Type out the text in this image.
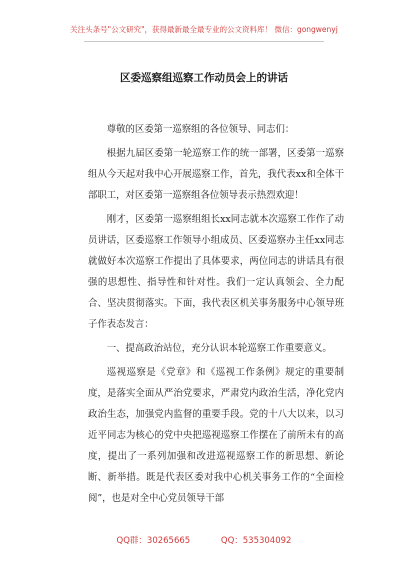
关注头条号"公文研究"，获得最新最全最专业的公文资料库！ 微信：gongwenyj
区委巡察组巡察工作动员会上的讲话

尊敬的区委第一巡察组的各位领导、同志们：

根据九届区委第一轮巡察工作的统一部署，区委第一巡察组从今天起对我中心开展巡察工作，首先，我代表xx和全体干部职工，对区委第一巡察组各位领导表示热烈欢迎！

刚才，区委第一巡察组组长xx同志就本次巡察工作作了动员讲话，区委巡察工作领导小组成员、区委巡察办主任xx同志就做好本次巡察工作提出了具体要求，两位同志的讲话具有很强的思想性、指导性和针对性。我们一定认真领会、全力配合、坚决贯彻落实。下面，我代表区机关事务服务中心领导班子作表态发言：

一、提高政治站位，充分认识本轮巡察工作重要意义。

巡视巡察是《党章》和《巡视工作条例》规定的重要制度，是落实全面从严治党要求，严肃党内政治生活，净化党内政治生态，加强党内监督的重要手段。党的十八大以来，以习近平同志为核心的党中央把巡视巡察工作摆在了前所未有的高度，提出了一系列加强和改进巡视巡察工作的新思想、新论断、新举措。既是代表区委对我中心机关事务工作的“全面检阅”，也是对全中心党员领导干部

QQ群：30265665	QQ：535304092
